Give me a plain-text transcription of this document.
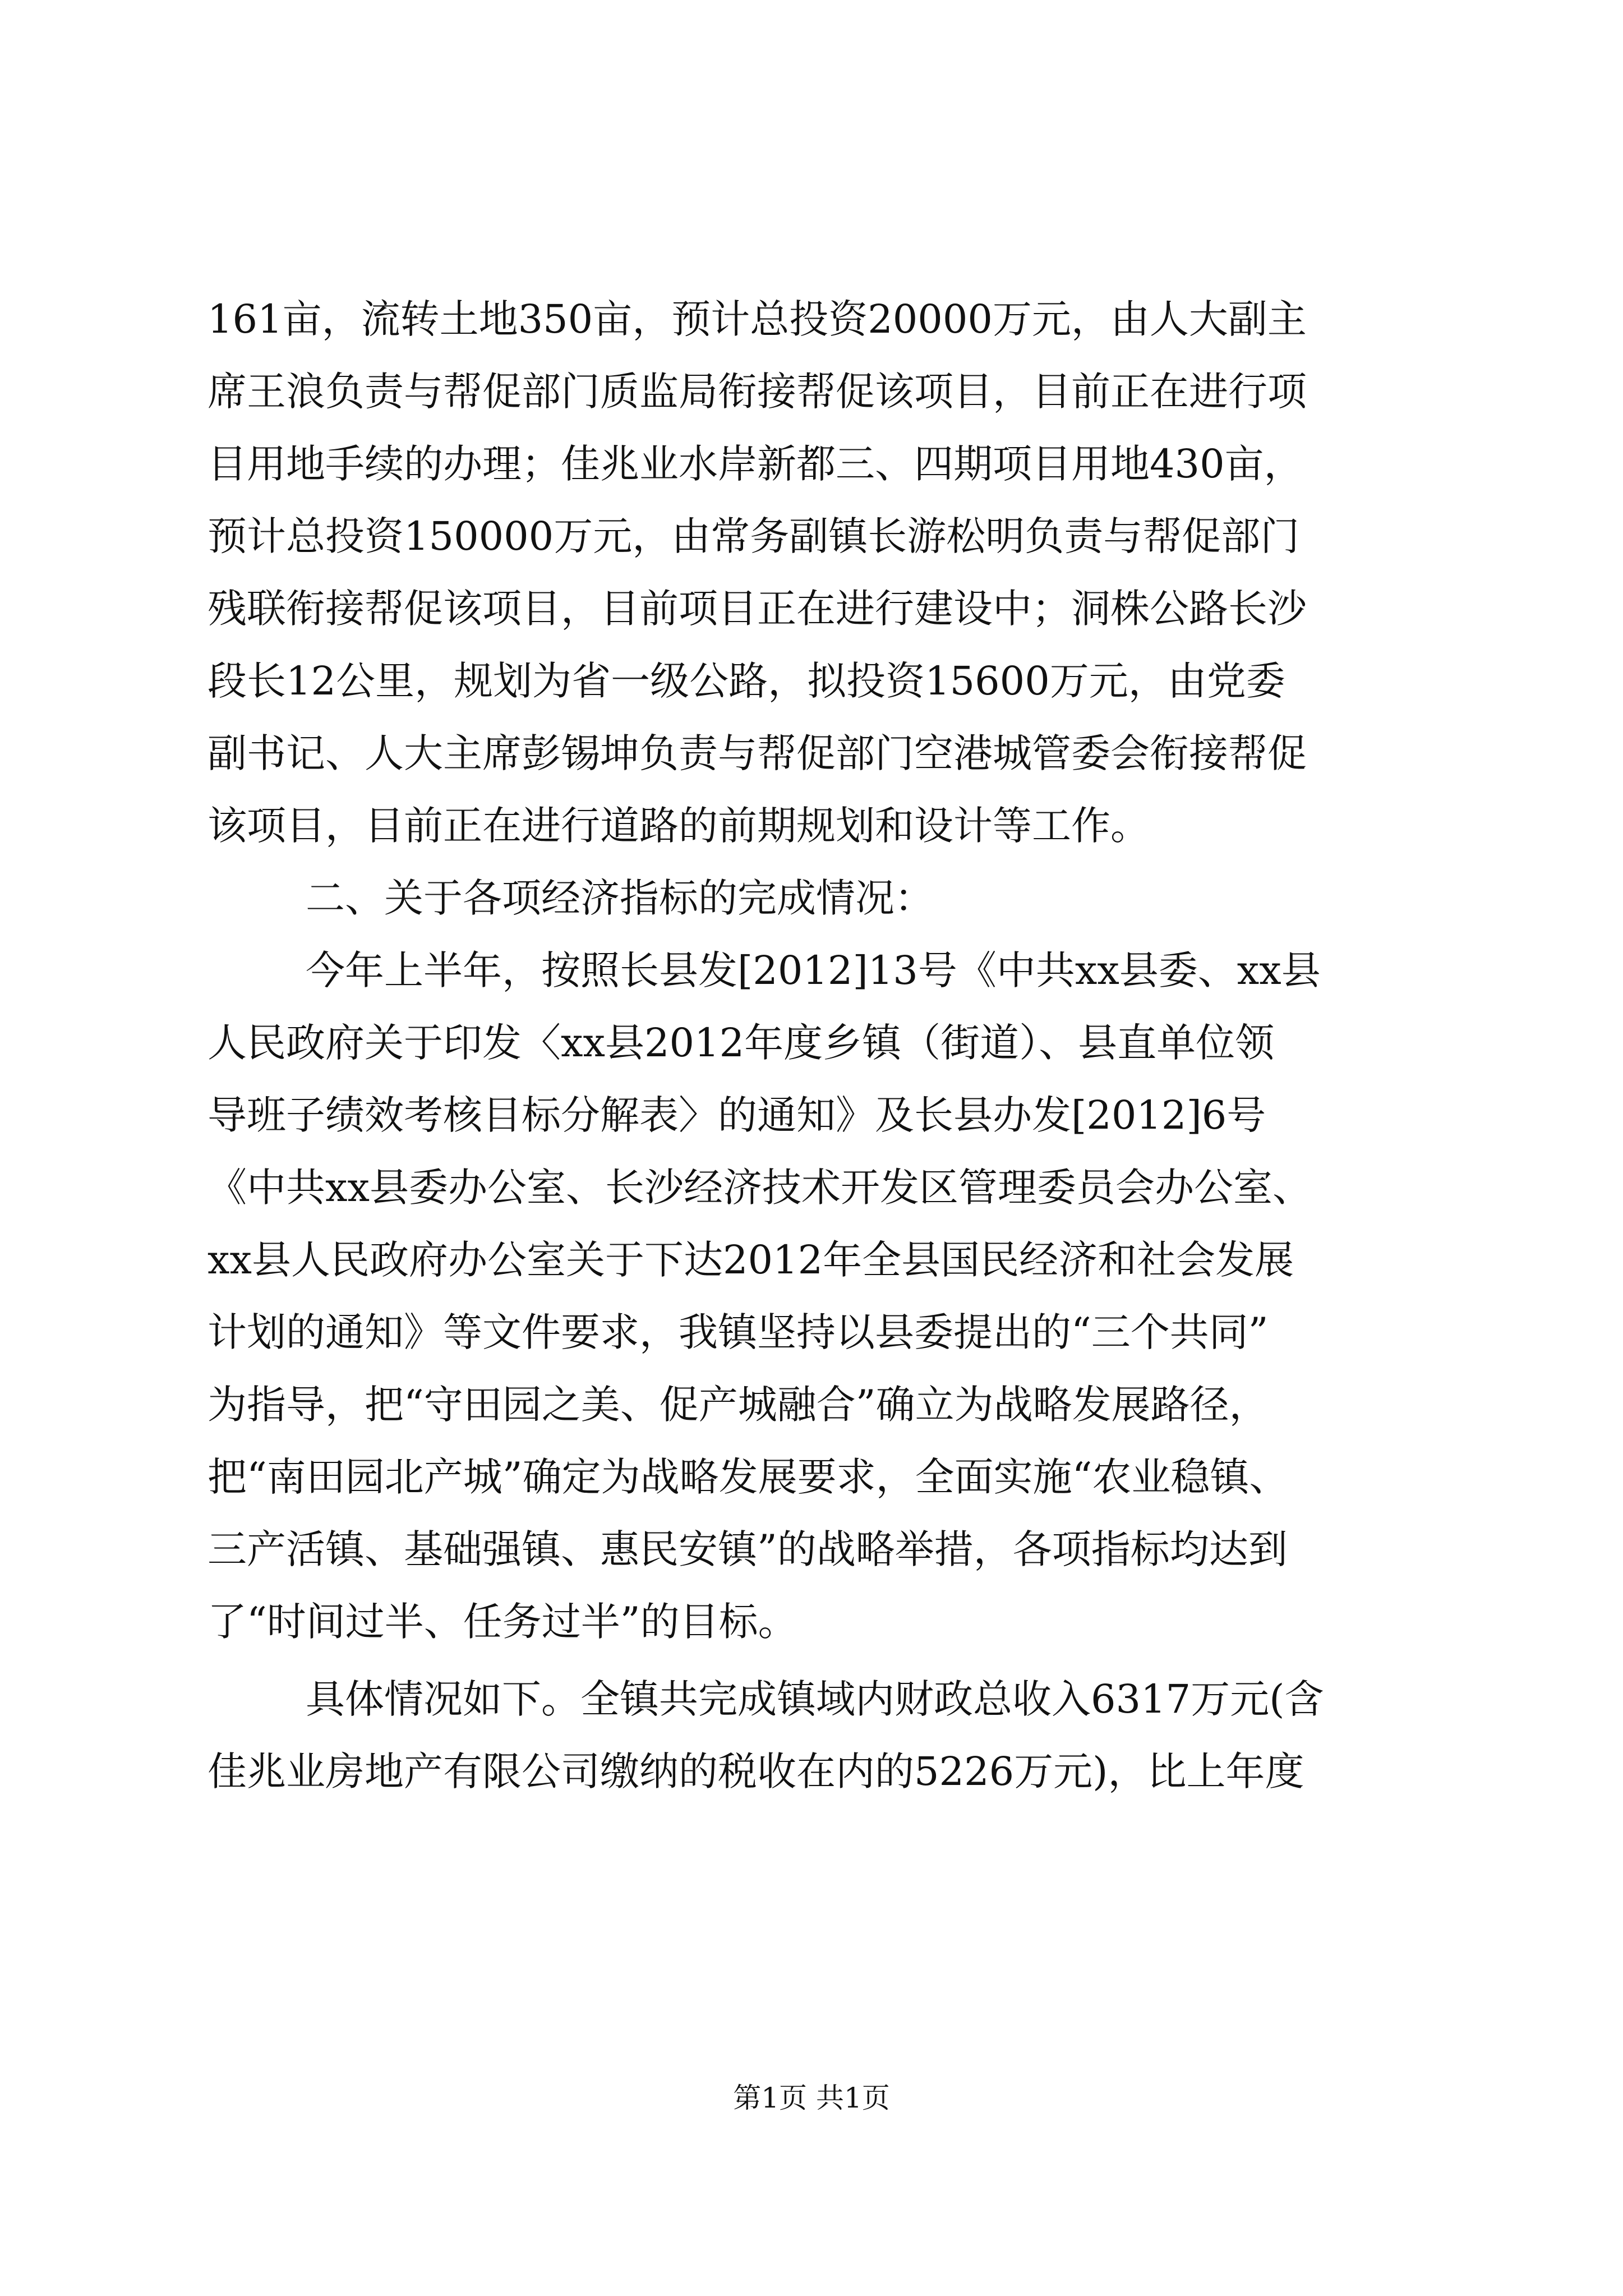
161亩，流转土地350亩，预计总投资20000万元，由人大副主
席王浪负责与帮促部门质监局衔接帮促该项目，目前正在进行项
目用地手续的办理；佳兆业水岸新都三、四期项目用地430亩，
预计总投资150000万元，由常务副镇长游松明负责与帮促部门
残联衔接帮促该项目，目前项目正在进行建设中；洞株公路长沙
段长12公里，规划为省一级公路，拟投资15600万元，由党委
副书记、人大主席彭锡坤负责与帮促部门空港城管委会衔接帮促
该项目，目前正在进行道路的前期规划和设计等工作。
二、关于各项经济指标的完成情况：
今年上半年，按照长县发[2012]13号《中共xx县委、xx县
人民政府关于印发〈xx县2012年度乡镇（街道）、县直单位领
导班子绩效考核目标分解表〉的通知》及长县办发[2012]6号
《中共xx县委办公室、长沙经济技术开发区管理委员会办公室、
xx县人民政府办公室关于下达2012年全县国民经济和社会发展
计划的通知》等文件要求，我镇坚持以县委提出的“三个共同”
为指导，把“守田园之美、促产城融合”确立为战略发展路径，
把“南田园北产城”确定为战略发展要求，全面实施“农业稳镇、
三产活镇、基础强镇、惠民安镇”的战略举措，各项指标均达到
了“时间过半、任务过半”的目标。
具体情况如下。全镇共完成镇域内财政总收入6317万元(含
佳兆业房地产有限公司缴纳的税收在内的5226万元)，比上年度
第1页 共1页
